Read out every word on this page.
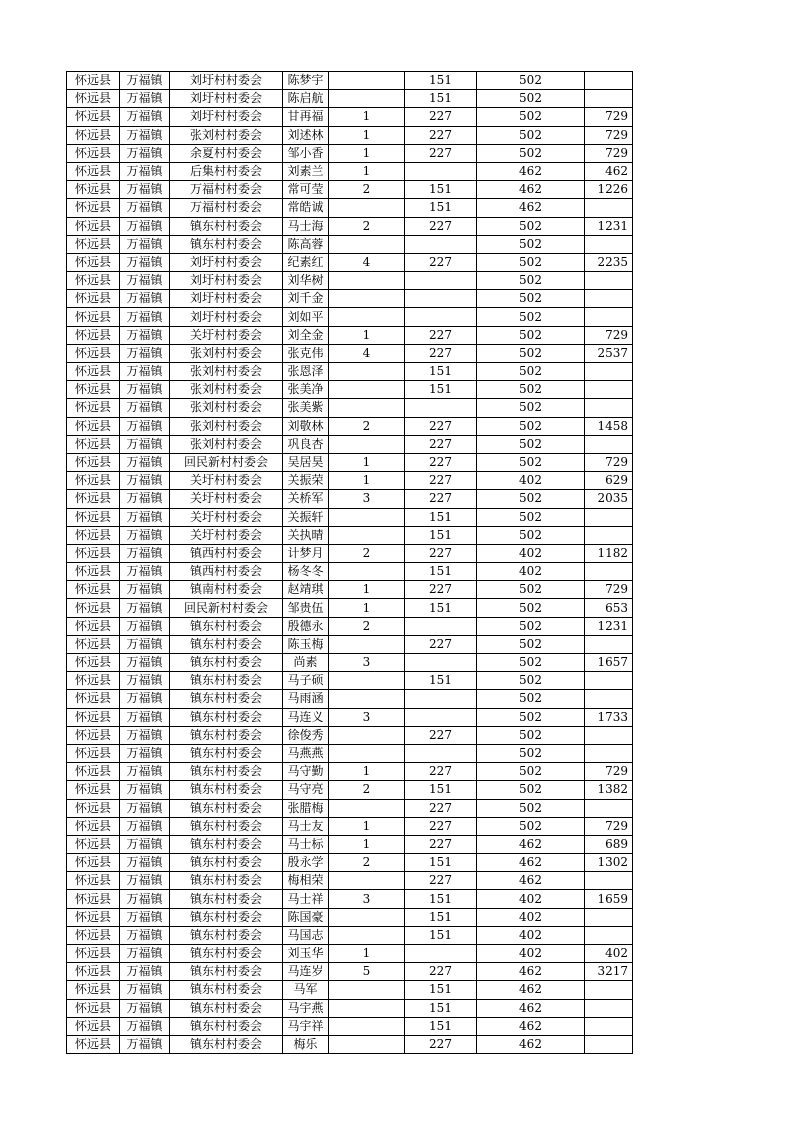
怀远县	万福镇	刘圩村村委会	陈梦宇		151	502	
怀远县	万福镇	刘圩村村委会	陈启航		151	502	
怀远县	万福镇	刘圩村村委会	甘再福	1	227	502	729
怀远县	万福镇	张刘村村委会	刘述林	1	227	502	729
怀远县	万福镇	余夏村村委会	邹小香	1	227	502	729
怀远县	万福镇	后集村村委会	刘素兰	1		462	462
怀远县	万福镇	万福村村委会	常可莹	2	151	462	1226
怀远县	万福镇	万福村村委会	常皓诚		151	462	
怀远县	万福镇	镇东村村委会	马士海	2	227	502	1231
怀远县	万福镇	镇东村村委会	陈高蓉			502	
怀远县	万福镇	刘圩村村委会	纪素红	4	227	502	2235
怀远县	万福镇	刘圩村村委会	刘华树			502	
怀远县	万福镇	刘圩村村委会	刘千金			502	
怀远县	万福镇	刘圩村村委会	刘如平			502	
怀远县	万福镇	关圩村村委会	刘全金	1	227	502	729
怀远县	万福镇	张刘村村委会	张克伟	4	227	502	2537
怀远县	万福镇	张刘村村委会	张恩泽		151	502	
怀远县	万福镇	张刘村村委会	张美净		151	502	
怀远县	万福镇	张刘村村委会	张美紫			502	
怀远县	万福镇	张刘村村委会	刘敬林	2	227	502	1458
怀远县	万福镇	张刘村村委会	巩良杏		227	502	
怀远县	万福镇	回民新村村委会	吴居昊	1	227	502	729
怀远县	万福镇	关圩村村委会	关振荣	1	227	402	629
怀远县	万福镇	关圩村村委会	关桥军	3	227	502	2035
怀远县	万福镇	关圩村村委会	关振轩		151	502	
怀远县	万福镇	关圩村村委会	关执晴		151	502	
怀远县	万福镇	镇西村村委会	计梦月	2	227	402	1182
怀远县	万福镇	镇西村村委会	杨冬冬		151	402	
怀远县	万福镇	镇南村村委会	赵靖琪	1	227	502	729
怀远县	万福镇	回民新村村委会	邹贵伍	1	151	502	653
怀远县	万福镇	镇东村村委会	殷德永	2		502	1231
怀远县	万福镇	镇东村村委会	陈玉梅		227	502	
怀远县	万福镇	镇东村村委会	尚素	3		502	1657
怀远县	万福镇	镇东村村委会	马子硕		151	502	
怀远县	万福镇	镇东村村委会	马雨涵			502	
怀远县	万福镇	镇东村村委会	马连义	3		502	1733
怀远县	万福镇	镇东村村委会	徐俊秀		227	502	
怀远县	万福镇	镇东村村委会	马燕燕			502	
怀远县	万福镇	镇东村村委会	马守勤	1	227	502	729
怀远县	万福镇	镇东村村委会	马守亮	2	151	502	1382
怀远县	万福镇	镇东村村委会	张腊梅		227	502	
怀远县	万福镇	镇东村村委会	马士友	1	227	502	729
怀远县	万福镇	镇东村村委会	马士标	1	227	462	689
怀远县	万福镇	镇东村村委会	殷永学	2	151	462	1302
怀远县	万福镇	镇东村村委会	梅相荣		227	462	
怀远县	万福镇	镇东村村委会	马士祥	3	151	402	1659
怀远县	万福镇	镇东村村委会	陈国豪		151	402	
怀远县	万福镇	镇东村村委会	马国志		151	402	
怀远县	万福镇	镇东村村委会	刘玉华	1		402	402
怀远县	万福镇	镇东村村委会	马连岁	5	227	462	3217
怀远县	万福镇	镇东村村委会	马军		151	462	
怀远县	万福镇	镇东村村委会	马宇燕		151	462	
怀远县	万福镇	镇东村村委会	马宇祥		151	462	
怀远县	万福镇	镇东村村委会	梅乐		227	462	
